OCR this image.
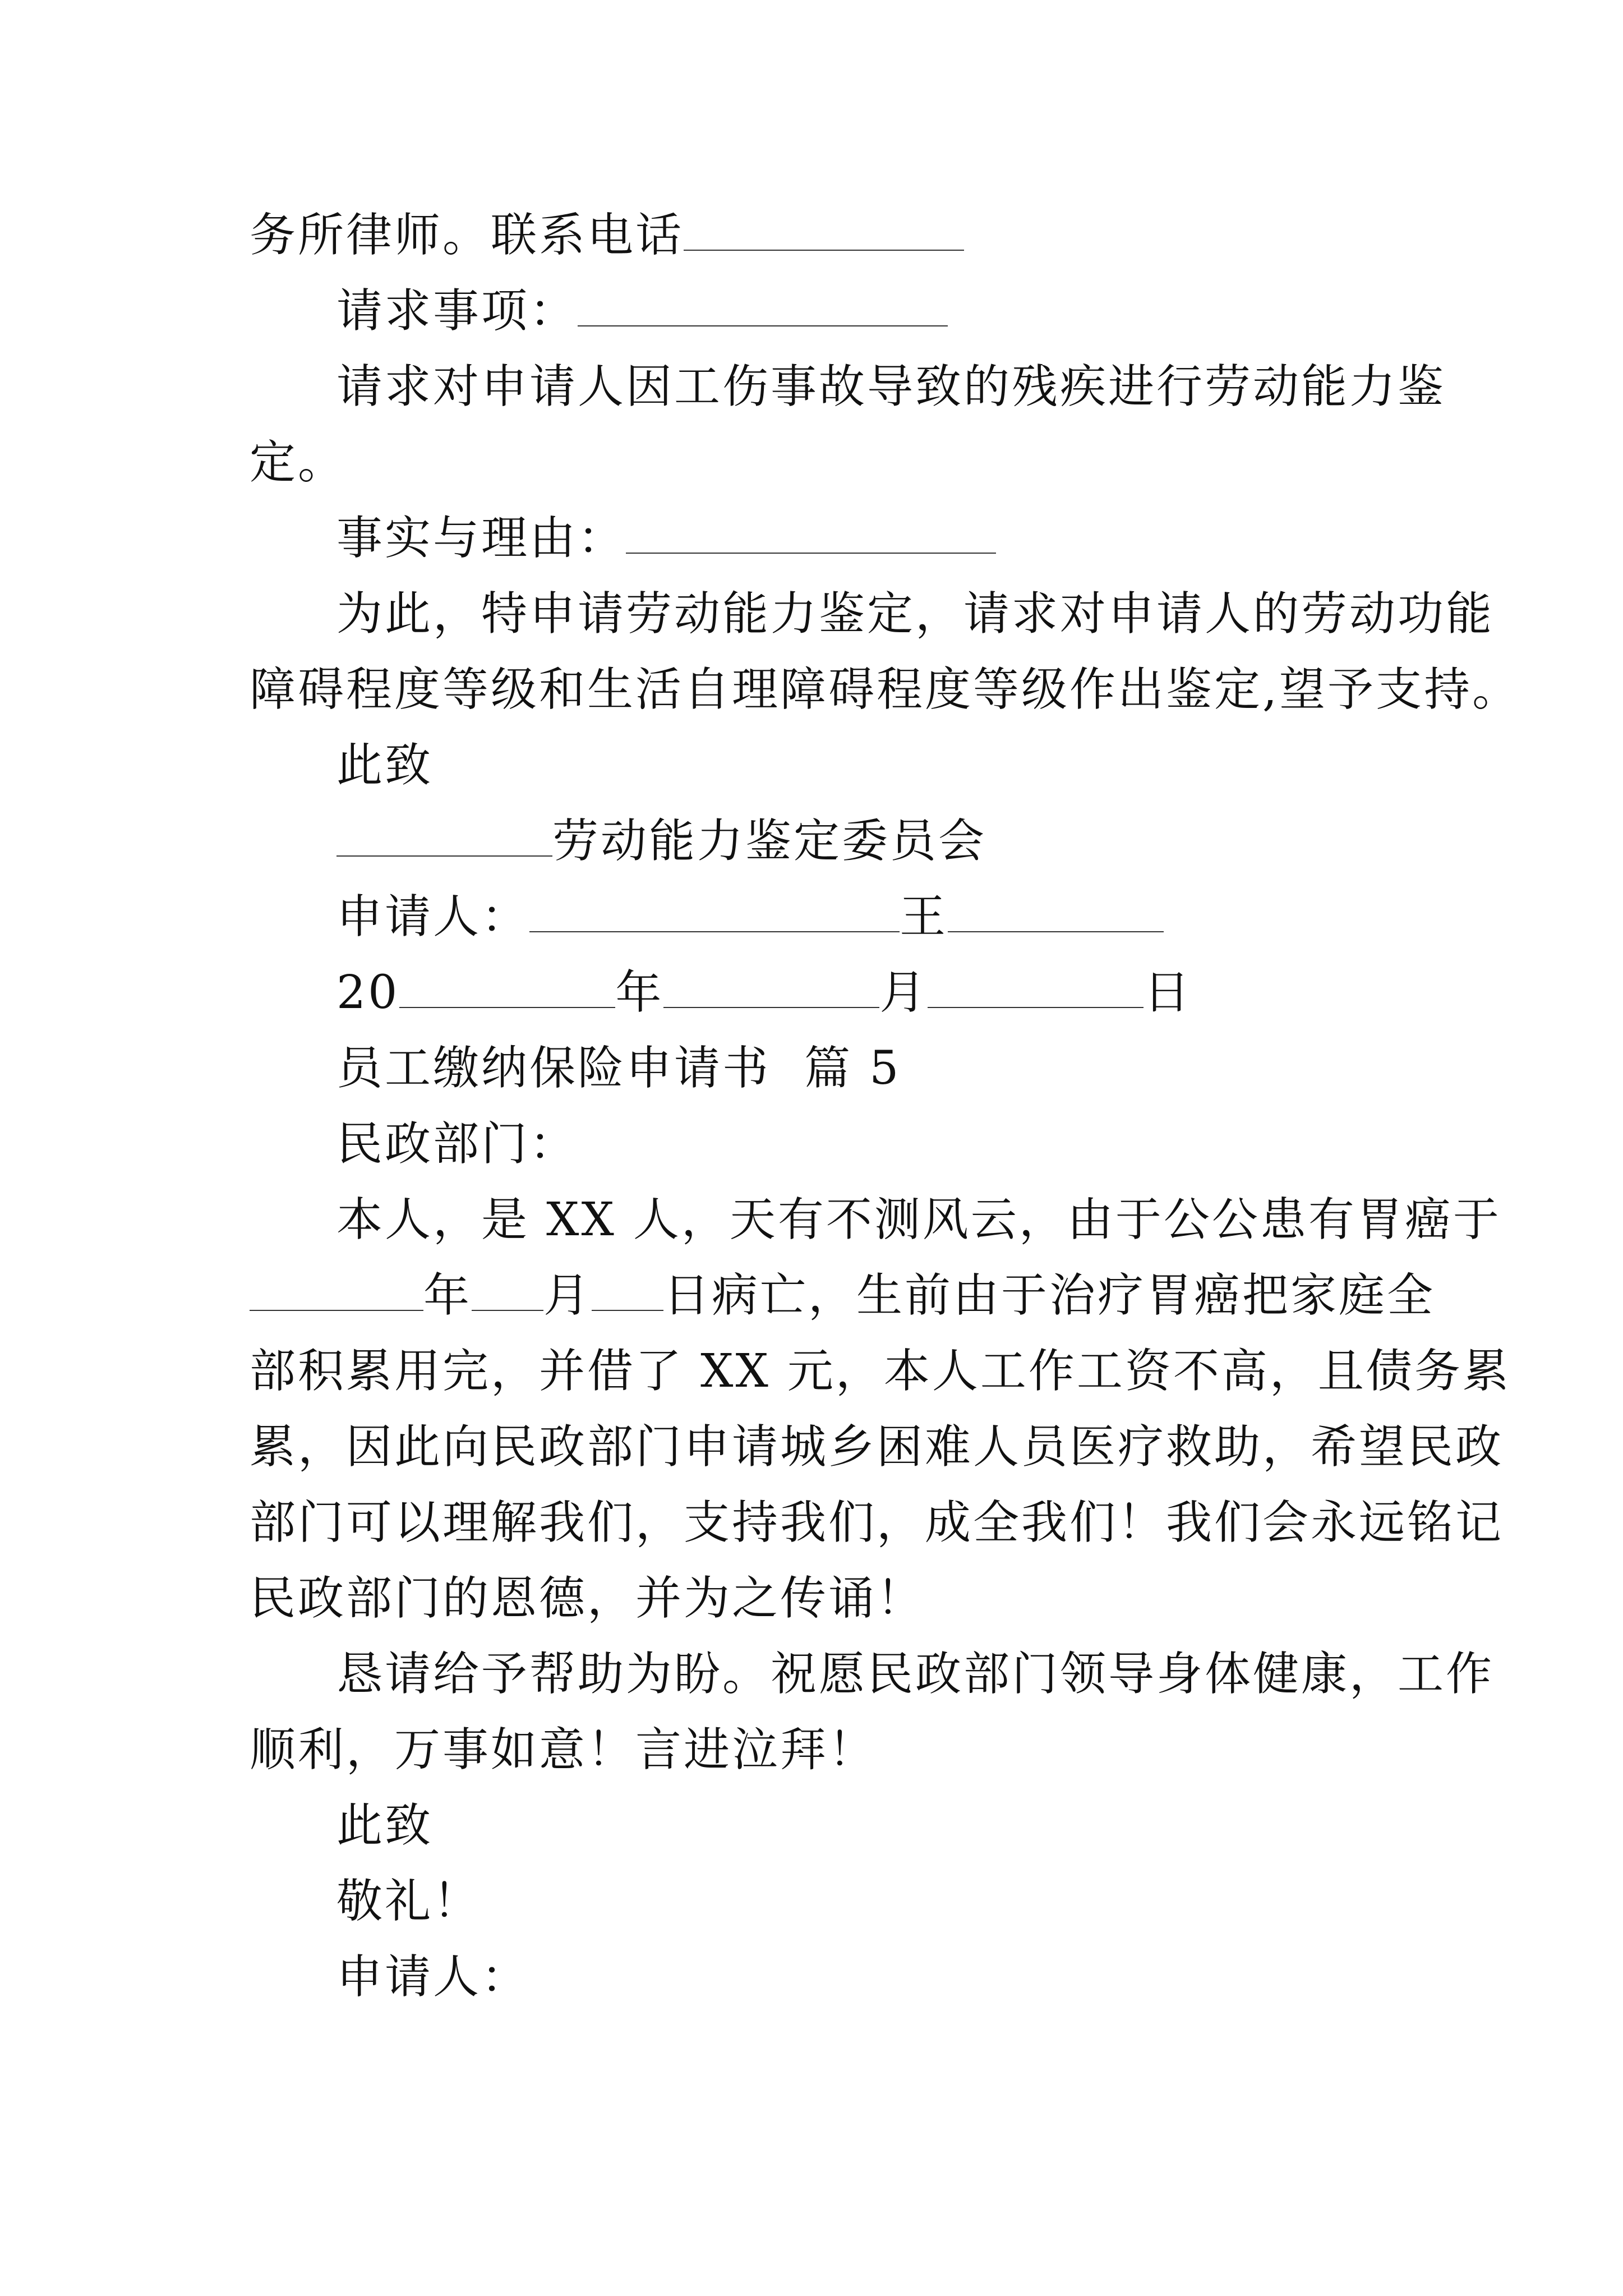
务所律师。联系电话
请求事项：
请求对申请人因工伤事故导致的残疾进行劳动能力鉴
定。
事实与理由：
为此，特申请劳动能力鉴定，请求对申请人的劳动功能
障碍程度等级和生活自理障碍程度等级作出鉴定,望予支持。
此致
劳动能力鉴定委员会
申请人：	王
20	年	月	日
员工缴纳保险申请书  篇 5
民政部门：
本人，是 XX 人，天有不测风云，由于公公患有胃癌于
年 月 日病亡，生前由于治疗胃癌把家庭全
部积累用完，并借了 XX 元，本人工作工资不高，且债务累
累，因此向民政部门申请城乡困难人员医疗救助，希望民政
部门可以理解我们，支持我们，成全我们！我们会永远铭记
民政部门的恩德，并为之传诵！
恳请给予帮助为盼。祝愿民政部门领导身体健康，工作
顺利，万事如意！言进泣拜！
此致
敬礼！
申请人：
